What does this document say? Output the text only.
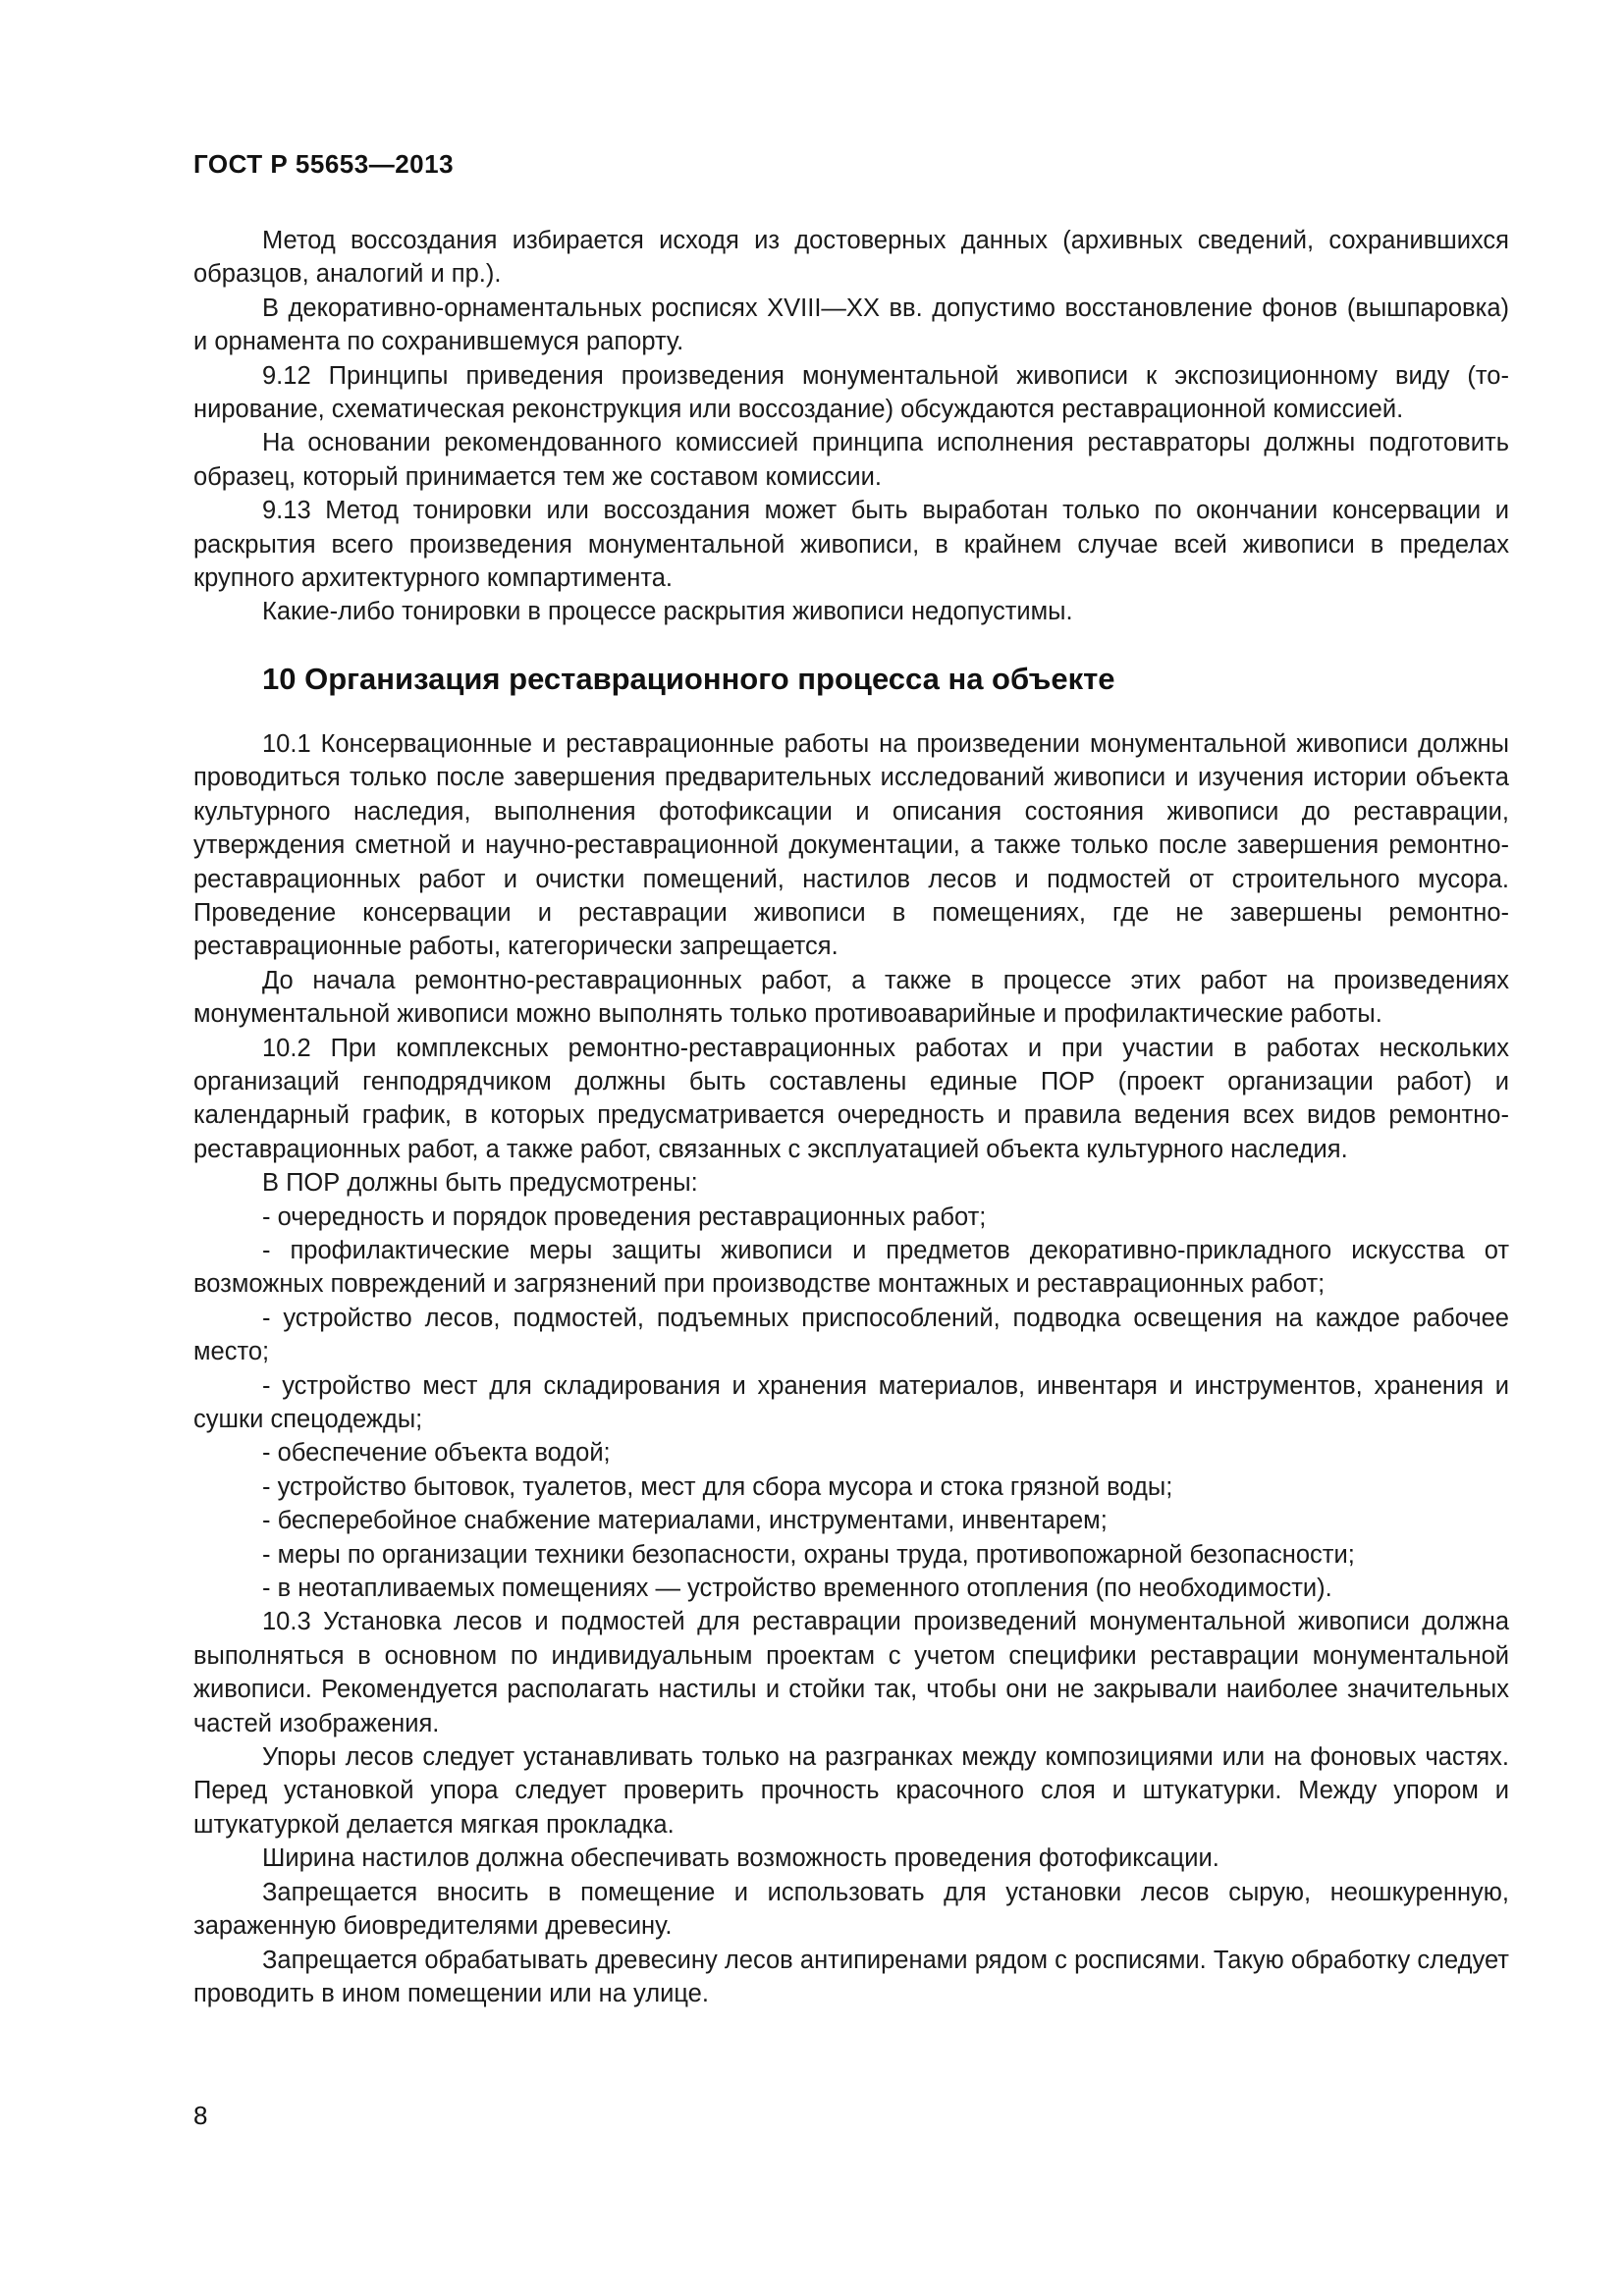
ГОСТ Р 55653—2013

Метод воссоздания избирается исходя из достоверных данных (архивных сведений, сохранившихся образцов, аналогий и пр.).

В декоративно-орнаментальных росписях XVIII—XX вв. допустимо восстановление фонов (вышпаровка) и орнамента по сохранившемуся рапорту.

9.12 Принципы приведения произведения монументальной живописи к экспозиционному виду (тонирование, схематическая реконструкция или воссоздание) обсуждаются реставрационной комиссией.

На основании рекомендованного комиссией принципа исполнения реставраторы должны подготовить образец, который принимается тем же составом комиссии.

9.13 Метод тонировки или воссоздания может быть выработан только по окончании консервации и раскрытия всего произведения монументальной живописи, в крайнем случае всей живописи в пределах крупного архитектурного компартимента.

Какие-либо тонировки в процессе раскрытия живописи недопустимы.

10 Организация реставрационного процесса на объекте

10.1 Консервационные и реставрационные работы на произведении монументальной живописи должны проводиться только после завершения предварительных исследований живописи и изучения истории объекта культурного наследия, выполнения фотофиксации и описания состояния живописи до реставрации, утверждения сметной и научно-реставрационной документации, а также только после завершения ремонтно-реставрационных работ и очистки помещений, настилов лесов и подмостей от строительного мусора. Проведение консервации и реставрации живописи в помещениях, где не завершены ремонтно-реставрационные работы, категорически запрещается.

До начала ремонтно-реставрационных работ, а также в процессе этих работ на произведениях монументальной живописи можно выполнять только противоаварийные и профилактические работы.

10.2 При комплексных ремонтно-реставрационных работах и при участии в работах нескольких организаций генподрядчиком должны быть составлены единые ПОР (проект организации работ) и календарный график, в которых предусматривается очередность и правила ведения всех видов ремонтно-реставрационных работ, а также работ, связанных с эксплуатацией объекта культурного наследия.

В ПОР должны быть предусмотрены:

- очередность и порядок проведения реставрационных работ;

- профилактические меры защиты живописи и предметов декоративно-прикладного искусства от возможных повреждений и загрязнений при производстве монтажных и реставрационных работ;

- устройство лесов, подмостей, подъемных приспособлений, подводка освещения на каждое рабочее место;

- устройство мест для складирования и хранения материалов, инвентаря и инструментов, хранения и сушки спецодежды;

- обеспечение объекта водой;

- устройство бытовок, туалетов, мест для сбора мусора и стока грязной воды;

- бесперебойное снабжение материалами, инструментами, инвентарем;

- меры по организации техники безопасности, охраны труда, противопожарной безопасности;

- в неотапливаемых помещениях — устройство временного отопления (по необходимости).

10.3 Установка лесов и подмостей для реставрации произведений монументальной живописи должна выполняться в основном по индивидуальным проектам с учетом специфики реставрации монументальной живописи. Рекомендуется располагать настилы и стойки так, чтобы они не закрывали наиболее значительных частей изображения.

Упоры лесов следует устанавливать только на разгранках между композициями или на фоновых частях. Перед установкой упора следует проверить прочность красочного слоя и штукатурки. Между упором и штукатуркой делается мягкая прокладка.

Ширина настилов должна обеспечивать возможность проведения фотофиксации.

Запрещается вносить в помещение и использовать для установки лесов сырую, неошкуренную, зараженную биовредителями древесину.

Запрещается обрабатывать древесину лесов антипиренами рядом с росписями. Такую обработку следует проводить в ином помещении или на улице.

8
